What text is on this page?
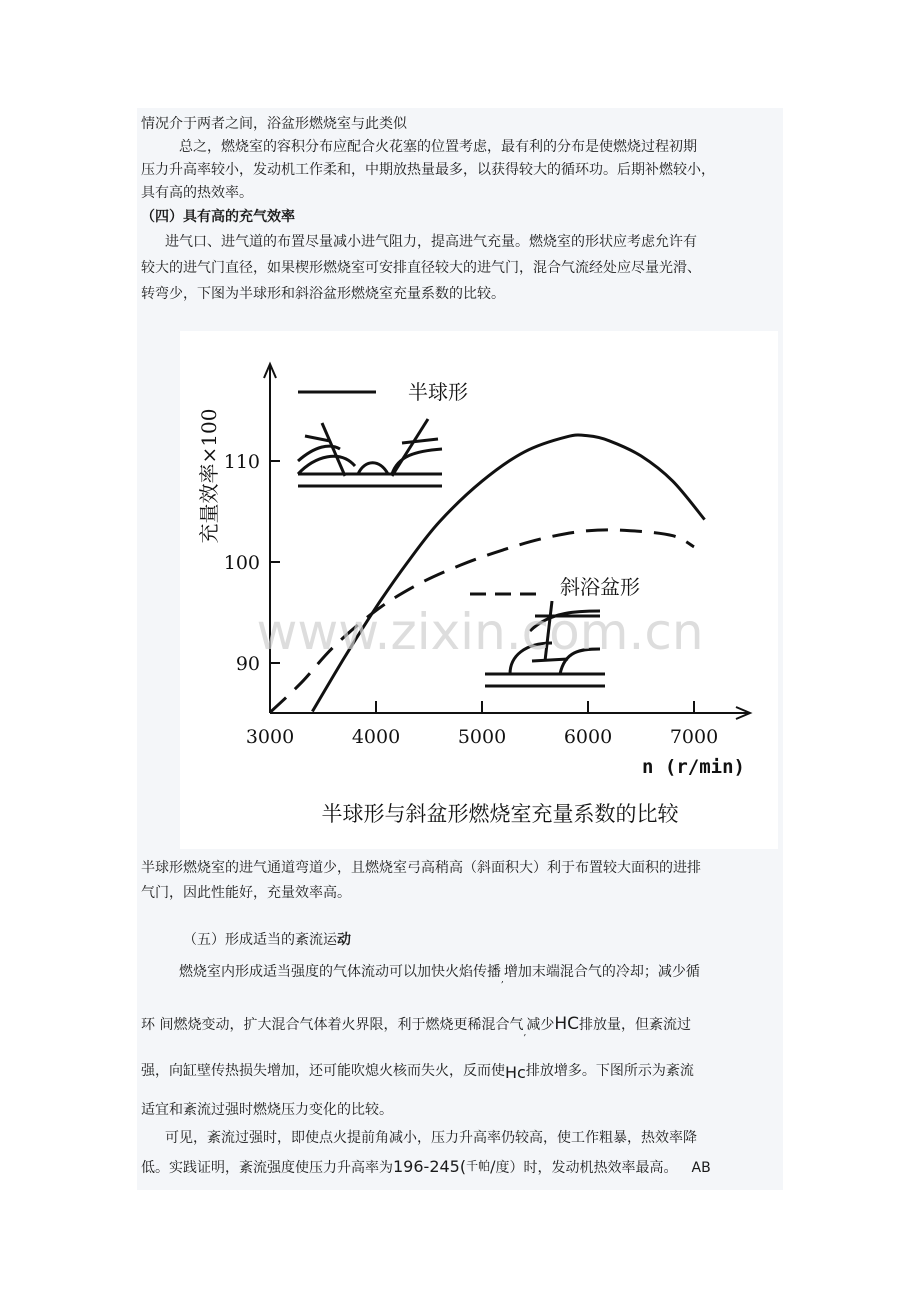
情况介于两者之间，浴盆形燃烧室与此类似
总之，燃烧室的容积分布应配合火花塞的位置考虑，最有利的分布是使燃烧过程初期
压力升高率较小，发动机工作柔和，中期放热量最多，以获得较大的循环功。后期补燃较小，
具有高的热效率。
（四）具有高的充气效率
进气口、进气道的布置尽量减小进气阻力，提高进气充量。燃烧室的形状应考虑允许有
较大的进气门直径，如果楔形燃烧室可安排直径较大的进气门，混合气流经处应尽量光滑、
转弯少，下图为半球形和斜浴盆形燃烧室充量系数的比较。
3000	4000	5000	6000	7000
90
100
110
充量效率×100
n (r/min)
半球形
斜浴盆形
www.zixin.com.cn
半球形与斜盆形燃烧室充量系数的比较
半球形燃烧室的进气通道弯道少，且燃烧室弓高稍高（斜面积大）利于布置较大面积的进排
气门，因此性能好，充量效率高。
（五）形成适当的紊流运动
燃烧室内形成适当强度的气体流动可以加快火焰传播$_,$增加末端混合气的冷却；减少循
环 间燃烧变动，扩大混合气体着火界限，利于燃烧更稀混合气$_,$减少HC排放量，但紊流过
强，向缸壁传热损失增加，还可能吹熄火核而失火，反而使Hc排放增多。下图所示为紊流
适宜和紊流过强时燃烧压力变化的比较。
可见，紊流过强时，即使点火提前角减小，压力升高率仍较高，使工作粗暴，热效率降
低。实践证明，紊流强度使压力升高率为196-245(千帕/度）时，发动机热效率最高。 AB
